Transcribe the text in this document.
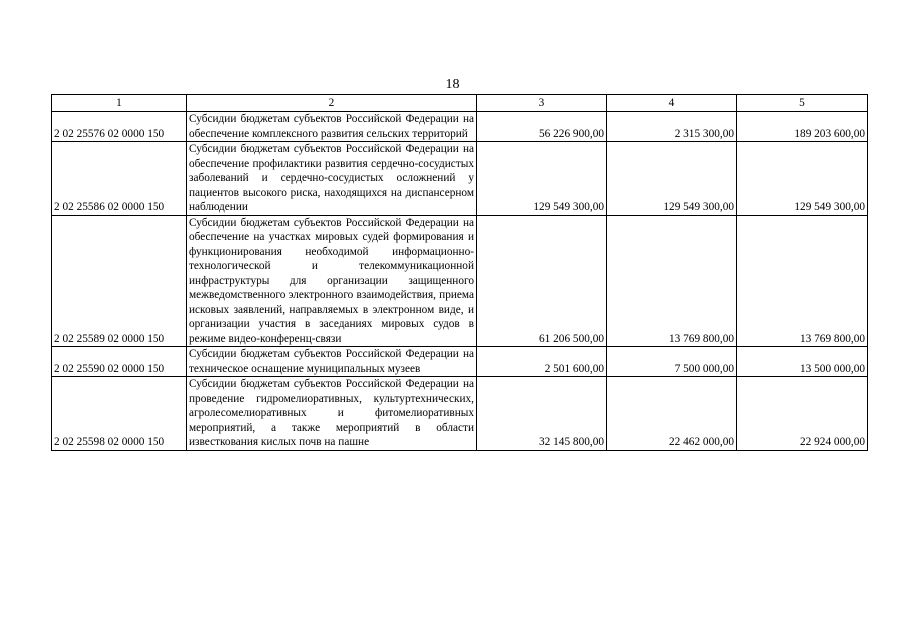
18
1	2	3	4	5
2 02 25576 02 0000 150	Субсидии бюджетам субъектов Российской Федерации на обеспечение комплексного развития сельских территорий	56 226 900,00	2 315 300,00	189 203 600,00
2 02 25586 02 0000 150	Субсидии бюджетам субъектов Российской Федерации на обеспечение профилактики развития сердечно-сосудистых заболеваний и сердечно-сосудистых осложнений у пациентов высокого риска, находящихся на диспансерном наблюдении	129 549 300,00	129 549 300,00	129 549 300,00
2 02 25589 02 0000 150	Субсидии бюджетам субъектов Российской Федерации на обеспечение на участках мировых судей формирования и функционирования необходимой информационно-технологической и телекоммуникационной инфраструктуры для организации защищенного межведомственного электронного взаимодействия, приема исковых заявлений, направляемых в электронном виде, и организации участия в заседаниях мировых судов в режиме видео-конференц-связи	61 206 500,00	13 769 800,00	13 769 800,00
2 02 25590 02 0000 150	Субсидии бюджетам субъектов Российской Федерации на техническое оснащение муниципальных музеев	2 501 600,00	7 500 000,00	13 500 000,00
2 02 25598 02 0000 150	Субсидии бюджетам субъектов Российской Федерации на проведение гидромелиоративных, культуртехнических, агролесомелиоративных и фитомелиоративных мероприятий, а также мероприятий в области известкования кислых почв на пашне	32 145 800,00	22 462 000,00	22 924 000,00
